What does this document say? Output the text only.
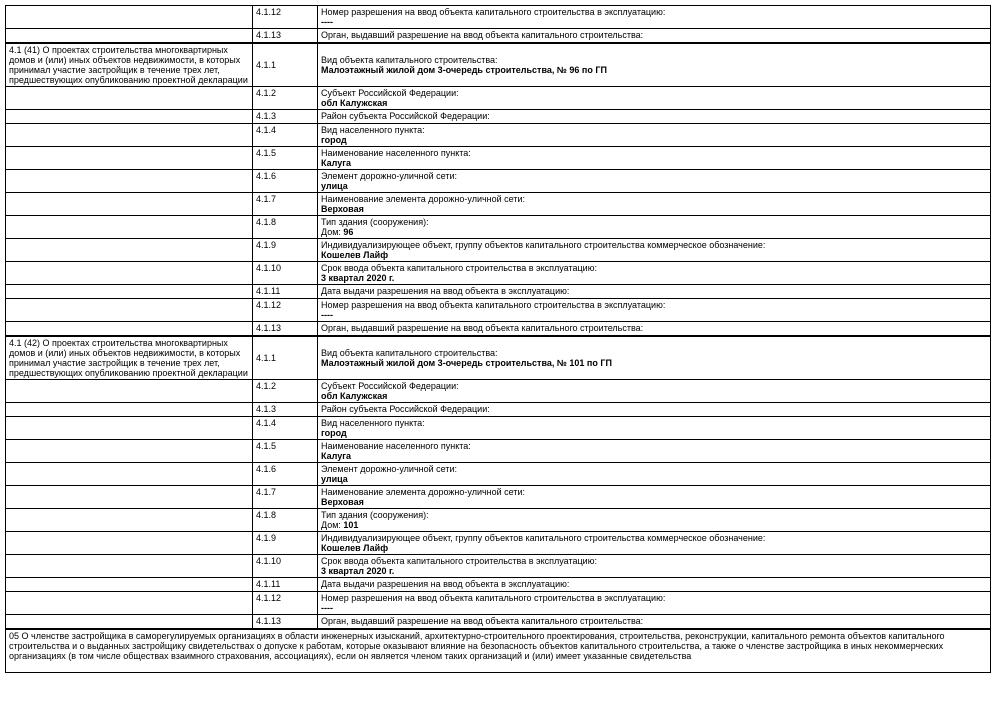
	4.1.12	Номер разрешения на ввод объекта капитального строительства в эксплуатацию:
----
	4.1.13	Орган, выдавший разрешение на ввод объекта капитального строительства:

4.1 (41) О проектах строительства многоквартирных домов и (или) иных объектов недвижимости, в которых принимал участие застройщик в течение трех лет, предшествующих опубликованию проектной декларации	4.1.1	Вид объекта капитального строительства:
Малоэтажный жилой дом 3-очередь строительства, № 96 по ГП
	4.1.2	Субъект Российской Федерации:
обл Калужская
	4.1.3	Район субъекта Российской Федерации:

	4.1.4	Вид населенного пункта:
город
	4.1.5	Наименование населенного пункта:
Калуга
	4.1.6	Элемент дорожно-уличной сети:
улица
	4.1.7	Наименование элемента дорожно-уличной сети:
Верховая
	4.1.8	Тип здания (сооружения):
Дом: 96
	4.1.9	Индивидуализирующее объект, группу объектов капитального строительства коммерческое обозначение:
Кошелев Лайф
	4.1.10	Срок ввода объекта капитального строительства в эксплуатацию:
3 квартал 2020 г.
	4.1.11	Дата выдачи разрешения на ввод объекта в эксплуатацию:

	4.1.12	Номер разрешения на ввод объекта капитального строительства в эксплуатацию:
----
	4.1.13	Орган, выдавший разрешение на ввод объекта капитального строительства:

4.1 (42) О проектах строительства многоквартирных домов и (или) иных объектов недвижимости, в которых принимал участие застройщик в течение трех лет, предшествующих опубликованию проектной декларации	4.1.1	Вид объекта капитального строительства:
Малоэтажный жилой дом 3-очередь строительства, № 101 по ГП
	4.1.2	Субъект Российской Федерации:
обл Калужская
	4.1.3	Район субъекта Российской Федерации:

	4.1.4	Вид населенного пункта:
город
	4.1.5	Наименование населенного пункта:
Калуга
	4.1.6	Элемент дорожно-уличной сети:
улица
	4.1.7	Наименование элемента дорожно-уличной сети:
Верховая
	4.1.8	Тип здания (сооружения):
Дом: 101
	4.1.9	Индивидуализирующее объект, группу объектов капитального строительства коммерческое обозначение:
Кошелев Лайф
	4.1.10	Срок ввода объекта капитального строительства в эксплуатацию:
3 квартал 2020 г.
	4.1.11	Дата выдачи разрешения на ввод объекта в эксплуатацию:

	4.1.12	Номер разрешения на ввод объекта капитального строительства в эксплуатацию:
----
	4.1.13	Орган, выдавший разрешение на ввод объекта капитального строительства:

05 О членстве застройщика в саморегулируемых организациях в области инженерных изысканий, архитектурно-строительного проектирования, строительства, реконструкции, капитального ремонта объектов капитального строительства и о выданных застройщику свидетельствах о допуске к работам, которые оказывают влияние на безопасность объектов капитального строительства, а также о членстве застройщика в иных некоммерческих организациях (в том числе обществах взаимного страхования, ассоциациях), если он является членом таких организаций и (или) имеет указанные свидетельства		
